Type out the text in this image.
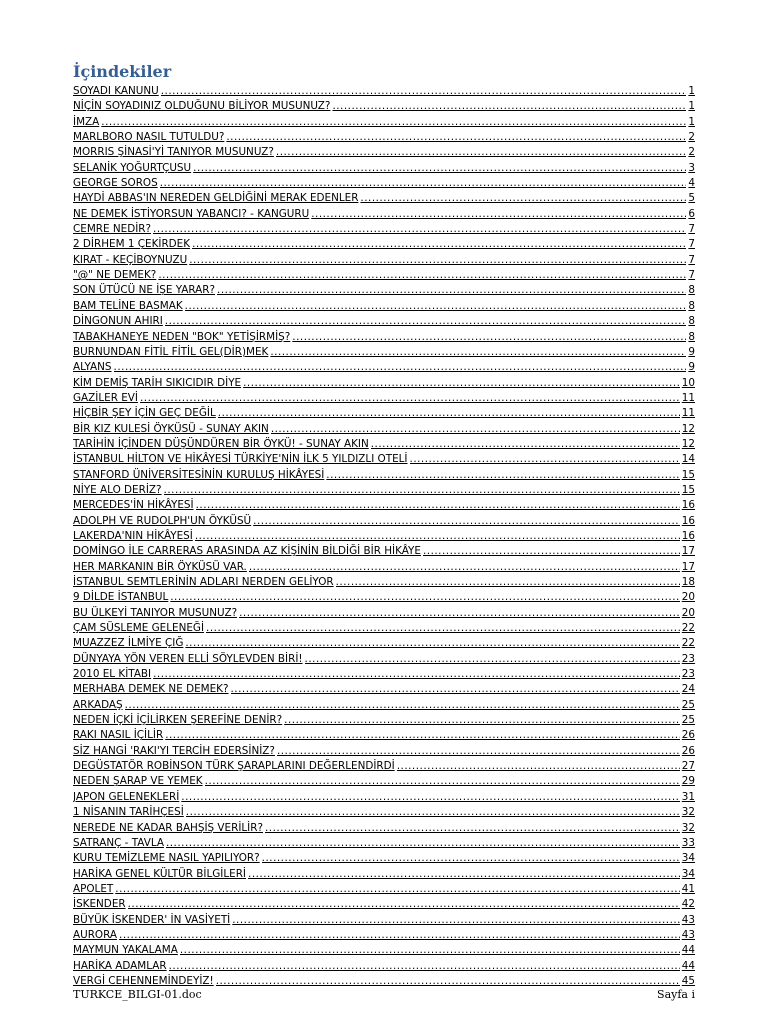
İçindekiler
SOYADI KANUNU .....	1
NİÇİN SOYADINIZ OLDUĞUNU BİLİYOR MUSUNUZ? .....	1
İMZA .....	1
MARLBORO NASIL TUTULDU? .....	2
MORRIS ŞİNASİ'Yİ TANIYOR MUSUNUZ? .....	2
SELANİK YOĞURTÇUSU .....	3
GEORGE SOROS .....	4
HAYDİ ABBAS'IN NEREDEN GELDİĞİNİ MERAK EDENLER .....	5
NE DEMEK İSTİYORSUN YABANCI? - KANGURU .....	6
CEMRE NEDİR? .....	7
2 DİRHEM 1 ÇEKİRDEK .....	7
KIRAT - KEÇİBOYNUZU .....	7
"@" NE DEMEK? .....	7
SON ÜTÜCÜ NE İŞE YARAR? .....	8
BAM TELİNE BASMAK .....	8
DİNGONUN AHIRI .....	8
TABAKHANEYE NEDEN "BOK" YETİŞİRMİŞ? .....	8
BURNUNDAN FİTİL FİTİL GEL(DİR)MEK .....	9
ALYANS .....	9
KİM DEMİŞ TARİH SIKICIDIR DİYE .....	10
GAZİLER EVİ .....	11
HİÇBİR ŞEY İÇİN GEÇ DEĞİL .....	11
BİR KIZ KULESİ ÖYKÜSÜ - SUNAY AKIN .....	12
TARİHİN İÇİNDEN DÜŞÜNDÜREN BİR ÖYKÜ! - SUNAY AKIN .....	12
İSTANBUL HİLTON VE HİKÂYESİ TÜRKİYE'NİN İLK 5 YILDIZLI OTELİ .....	14
STANFORD ÜNİVERSİTESİNİN KURULUŞ HİKÂYESİ .....	15
NİYE ALO DERİZ? .....	15
MERCEDES'İN HİKÂYESİ .....	16
ADOLPH VE RUDOLPH'UN ÖYKÜSÜ .....	16
LAKERDA'NIN HİKÂYESİ .....	16
DOMİNGO İLE CARRERAS ARASINDA AZ KİŞİNİN BİLDİĞİ BİR HİKÂYE .....	17
HER MARKANIN BİR ÖYKÜSÜ VAR. .....	17
İSTANBUL SEMTLERİNİN ADLARI NERDEN GELİYOR .....	18
9 DİLDE İSTANBUL .....	20
BU ÜLKEYİ TANIYOR MUSUNUZ? .....	20
ÇAM SÜSLEME GELENEĞİ .....	22
MUAZZEZ İLMİYE ÇIĞ .....	22
DÜNYAYA YÖN VEREN ELLİ SÖYLEVDEN BİRİ! .....	23
2010 EL KİTABI .....	23
MERHABA DEMEK NE DEMEK? .....	24
ARKADAŞ .....	25
NEDEN İÇKİ İÇİLİRKEN ŞEREFİNE DENİR? .....	25
RAKI NASIL İÇİLİR .....	26
SİZ HANGİ 'RAKI'YI TERCİH EDERSİNİZ? .....	26
DEGÜSTATÖR ROBİNSON TÜRK ŞARAPLARINI DEĞERLENDİRDİ .....	27
NEDEN ŞARAP VE YEMEK .....	29
JAPON GELENEKLERİ .....	31
1 NİSANIN TARİHÇESİ .....	32
NEREDE NE KADAR BAHŞİŞ VERİLİR? .....	32
SATRANÇ - TAVLA .....	33
KURU TEMİZLEME NASIL YAPILIYOR? .....	34
HARİKA GENEL KÜLTÜR BİLGİLERİ .....	34
APOLET .....	41
İSKENDER .....	42
BÜYÜK İSKENDER' İN VASİYETİ .....	43
AURORA .....	43
MAYMUN YAKALAMA .....	44
HARİKA ADAMLAR .....	44
VERGİ CEHENNEMİNDEYİZ! .....	45
TURKCE_BILGI-01.doc	Sayfa i
